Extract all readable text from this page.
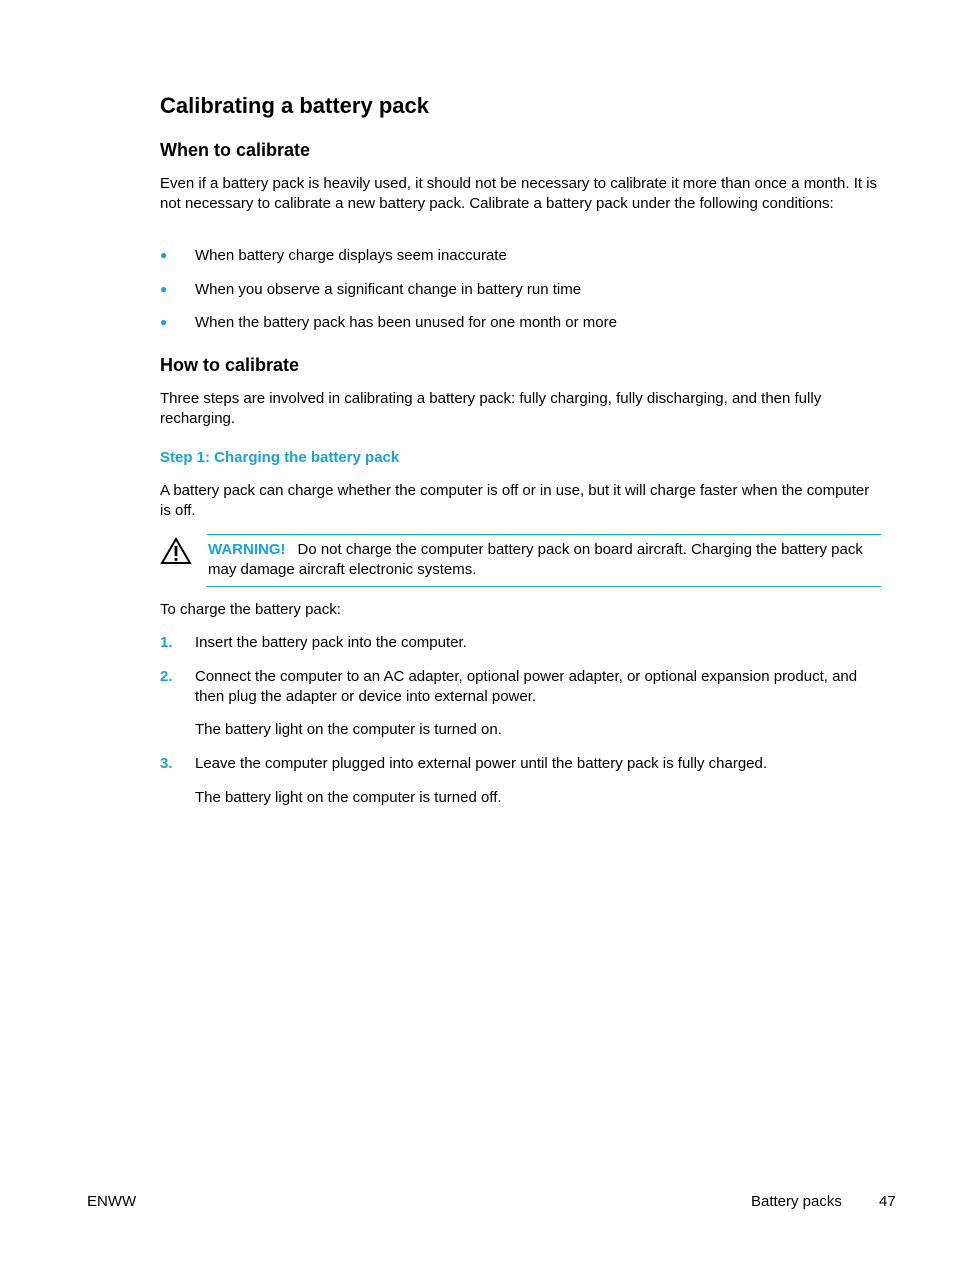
Calibrating a battery pack
When to calibrate
Even if a battery pack is heavily used, it should not be necessary to calibrate it more than once a month. It is not necessary to calibrate a new battery pack. Calibrate a battery pack under the following conditions:
●	When battery charge displays seem inaccurate
●	When you observe a significant change in battery run time
●	When the battery pack has been unused for one month or more
How to calibrate
Three steps are involved in calibrating a battery pack: fully charging, fully discharging, and then fully recharging.
Step 1: Charging the battery pack
A battery pack can charge whether the computer is off or in use, but it will charge faster when the computer is off.
WARNING! Do not charge the computer battery pack on board aircraft. Charging the battery pack may damage aircraft electronic systems.
To charge the battery pack:
1. Insert the battery pack into the computer.
2. Connect the computer to an AC adapter, optional power adapter, or optional expansion product, and then plug the adapter or device into external power.
The battery light on the computer is turned on.
3. Leave the computer plugged into external power until the battery pack is fully charged.
The battery light on the computer is turned off.
ENWW	Battery packs 47
